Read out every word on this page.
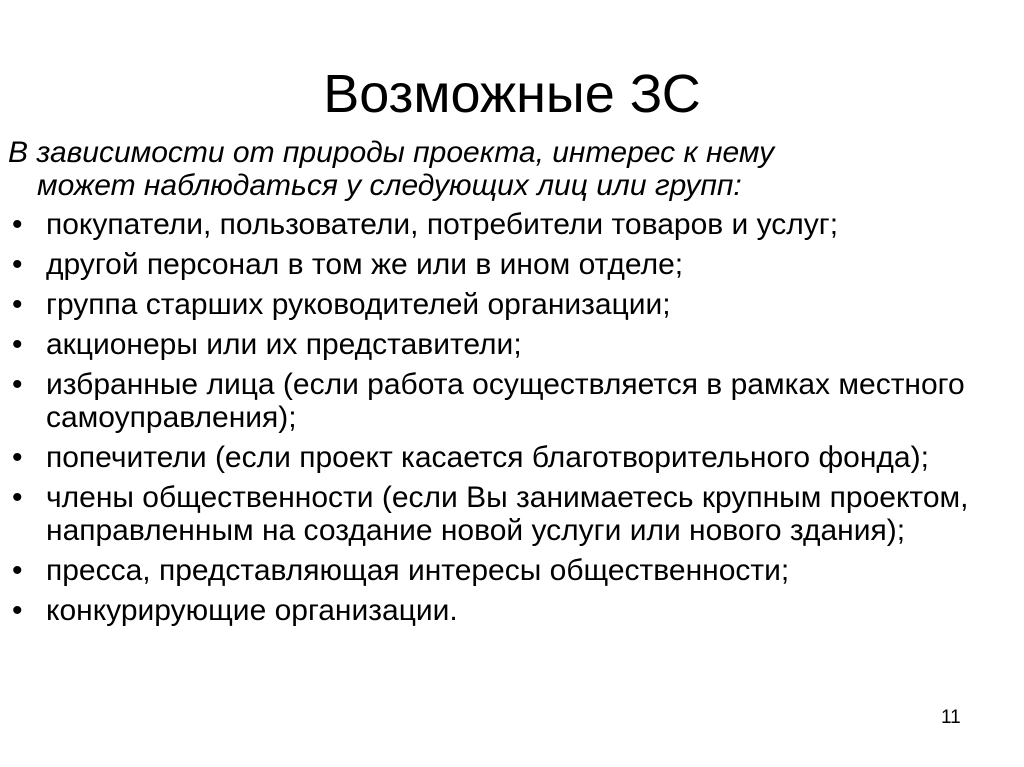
Возможные ЗС

В зависимости от природы проекта, интерес к нему
может наблюдаться у следующих лиц или групп:

• покупатели, пользователи, потребители товаров и услуг;
• другой персонал в том же или в ином отделе;
• группа старших руководителей организации;
• акционеры или их представители;
• избранные лица (если работа осуществляется в рамках местного самоуправления);
• попечители (если проект касается благотворительного фонда);
• члены общественности (если Вы занимаетесь крупным проектом, направленным на создание новой услуги или нового здания);
• пресса, представляющая интересы общественности;
• конкурирующие организации.
11
